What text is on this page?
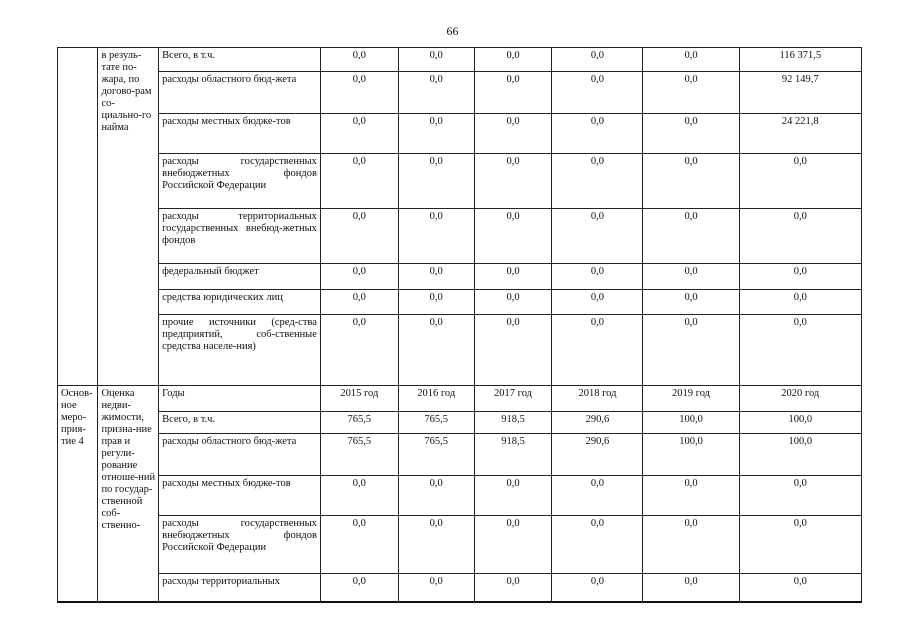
66
	в резуль-тате по-жара, по догово-рам со-циально-го найма	Всего, в т.ч.	0,0	0,0	0,0	0,0	0,0	116 371,5
		расходы областного бюд-жета	0,0	0,0	0,0	0,0	0,0	92 149,7
		расходы местных бюдже-тов	0,0	0,0	0,0	0,0	0,0	24 221,8
		расходы государственных внебюджетных фондов Российской Федерации	0,0	0,0	0,0	0,0	0,0	0,0
		расходы территориальных государственных внебюд-жетных фондов	0,0	0,0	0,0	0,0	0,0	0,0
		федеральный бюджет	0,0	0,0	0,0	0,0	0,0	0,0
		средства юридических лиц	0,0	0,0	0,0	0,0	0,0	0,0
		прочие источники (сред-ства предприятий, соб-ственные средства населе-ния)	0,0	0,0	0,0	0,0	0,0	0,0
Основ-ное меро-прия-тие 4	Оценка недви-жимости, призна-ние прав и регули-рование отноше-ний по государ-ственной соб-ственно-	Годы	2015 год	2016 год	2017 год	2018 год	2019 год	2020 год
		Всего, в т.ч.	765,5	765,5	918,5	290,6	100,0	100,0
		расходы областного бюд-жета	765,5	765,5	918,5	290,6	100,0	100,0
		расходы местных бюдже-тов	0,0	0,0	0,0	0,0	0,0	0,0
		расходы государственных внебюджетных фондов Российской Федерации	0,0	0,0	0,0	0,0	0,0	0,0
		расходы территориальных	0,0	0,0	0,0	0,0	0,0	0,0
